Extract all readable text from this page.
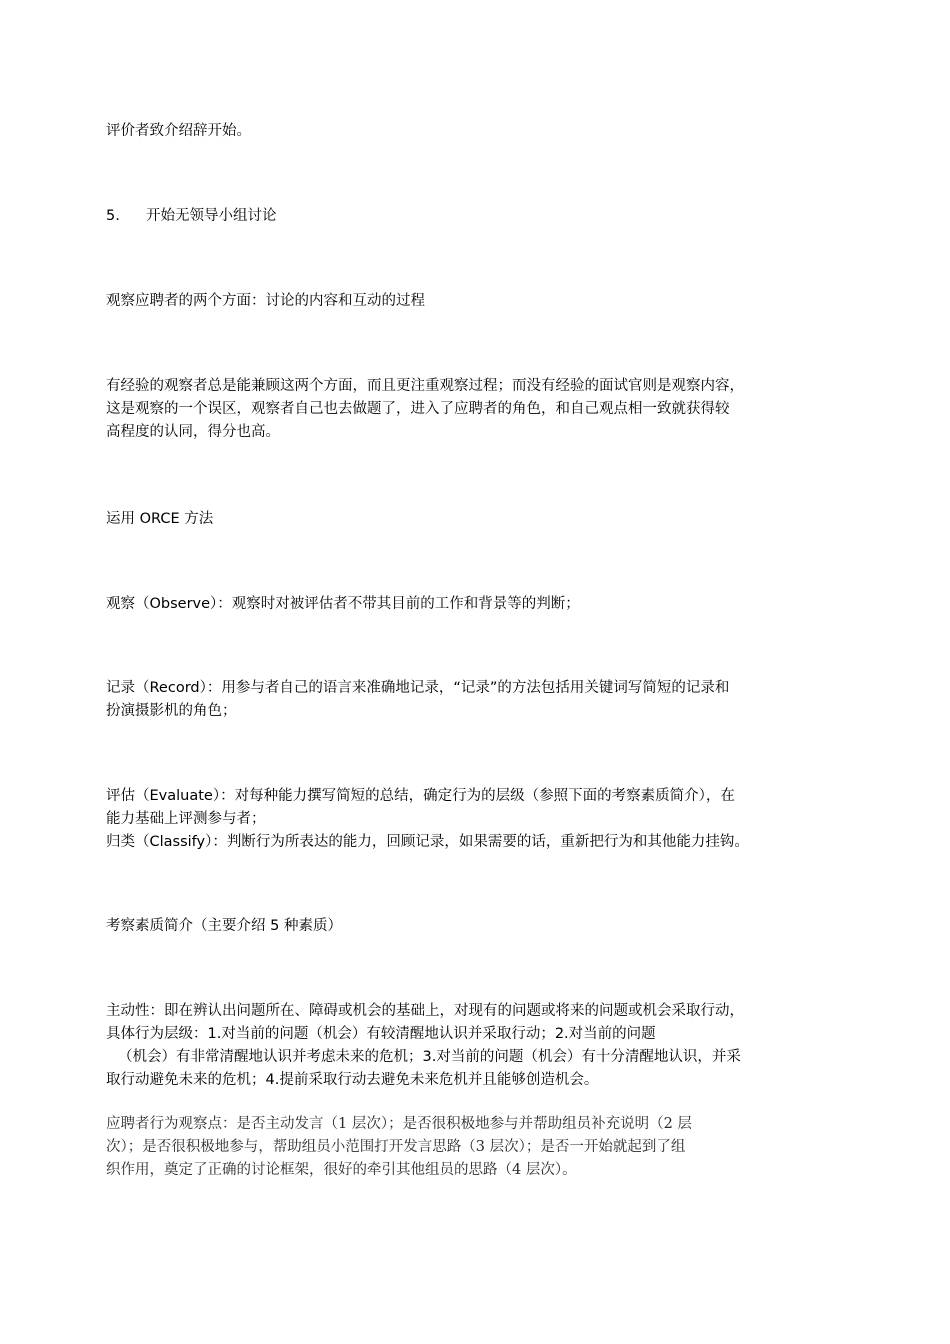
评价者致介绍辞开始。

5. 开始无领导小组讨论

观察应聘者的两个方面：讨论的内容和互动的过程

有经验的观察者总是能兼顾这两个方面，而且更注重观察过程；而没有经验的面试官则是观察内容，
这是观察的一个误区，观察者自己也去做题了，进入了应聘者的角色，和自己观点相一致就获得较
高程度的认同，得分也高。

运用 ORCE 方法

观察（Observe）：观察时对被评估者不带其目前的工作和背景等的判断；

记录（Record）：用参与者自己的语言来准确地记录，“记录”的方法包括用关键词写简短的记录和
扮演摄影机的角色；

评估（Evaluate）：对每种能力撰写简短的总结，确定行为的层级（参照下面的考察素质简介），在
能力基础上评测参与者；
归类（Classify）：判断行为所表达的能力，回顾记录，如果需要的话，重新把行为和其他能力挂钩。

考察素质简介（主要介绍 5 种素质）

主动性：即在辨认出问题所在、障碍或机会的基础上，对现有的问题或将来的问题或机会采取行动，
具体行为层级：1.对当前的问题（机会）有较清醒地认识并采取行动；2.对当前的问题
（机会）有非常清醒地认识并考虑未来的危机；3.对当前的问题（机会）有十分清醒地认识，并采
取行动避免未来的危机；4.提前采取行动去避免未来危机并且能够创造机会。

应聘者行为观察点：是否主动发言（1 层次）；是否很积极地参与并帮助组员补充说明（2 层
次）；是否很积极地参与，帮助组员小范围打开发言思路（3 层次）；是否一开始就起到了组
织作用，奠定了正确的讨论框架，很好的牵引其他组员的思路（4 层次）。
